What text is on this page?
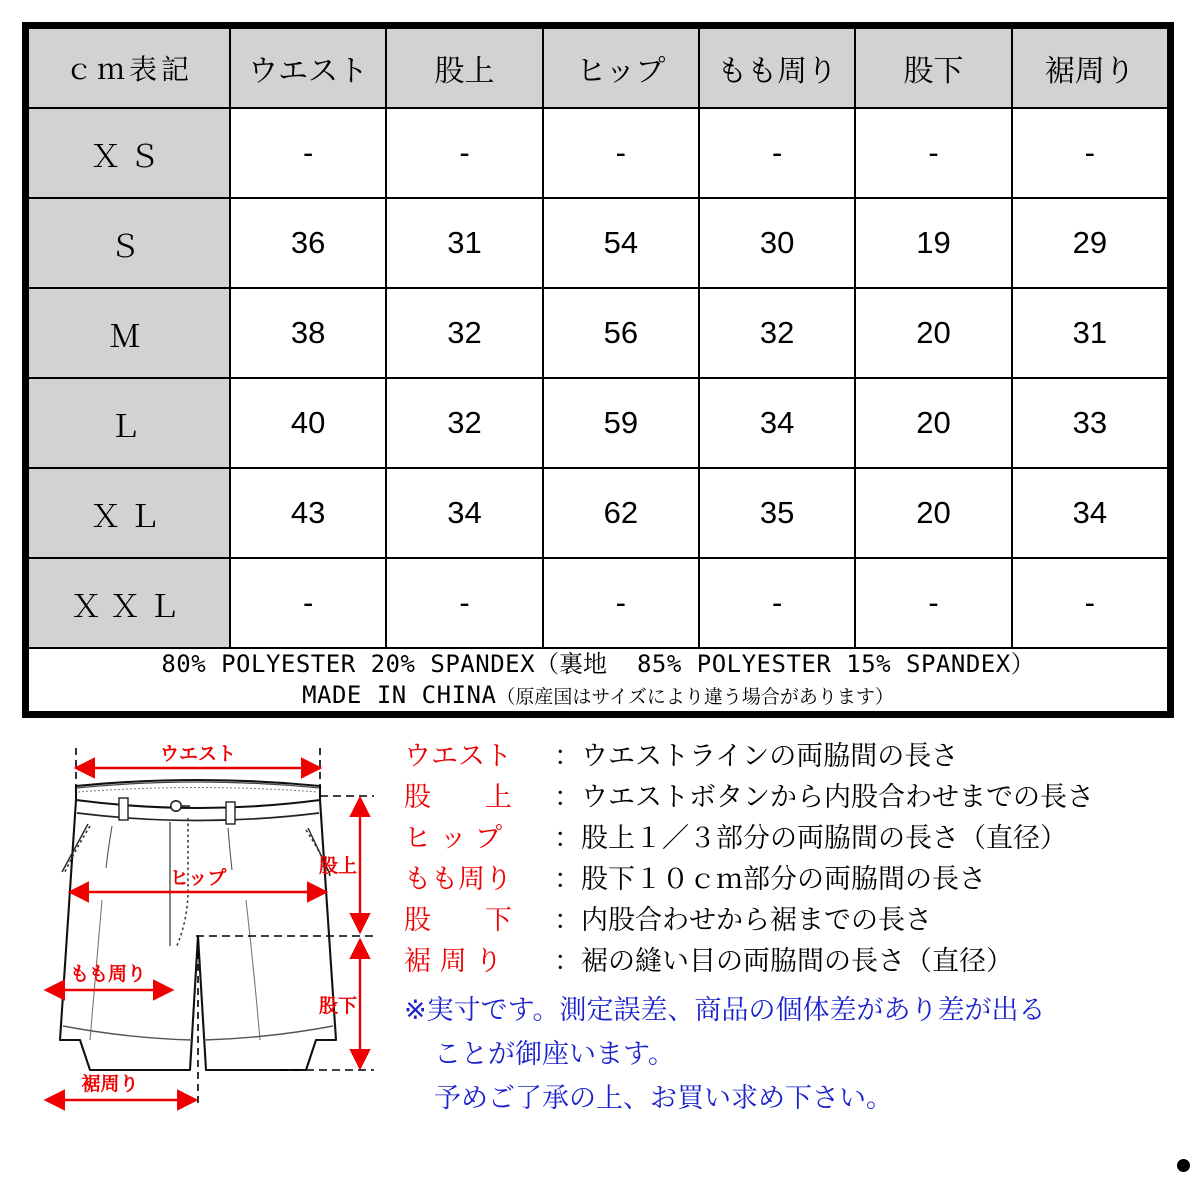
ｃｍ表記	ウエスト	股上	ヒップ	もも周り	股下	裾周り
ＸＳ	-	-	-	-	-	-
Ｓ	36	31	54	30	19	29
Ｍ	38	32	56	32	20	31
Ｌ	40	32	59	34	20	33
ＸＬ	43	34	62	35	20	34
ＸＸＬ	-	-	-	-	-	-

80% POLYESTER 20% SPANDEX（裏地 85% POLYESTER 15% SPANDEX）
MADE IN CHINA（原産国はサイズにより違う場合があります）						
ウエスト
ヒップ
股上
股下
もも周り
裾周り
ウエスト	： ウエストラインの両脇間の長さ
股　　上	： ウエストボタンから内股合わせまでの長さ
ヒ ッ プ	： 股上１／３部分の両脇間の長さ（直径）
もも周り	： 股下１０ｃｍ部分の両脇間の長さ
股　　下	： 内股合わせから裾までの長さ
裾 周 り	： 裾の縫い目の両脇間の長さ（直径）
※実寸です。測定誤差、商品の個体差があり差が出る
ことが御座います。
予めご了承の上、お買い求め下さい。
